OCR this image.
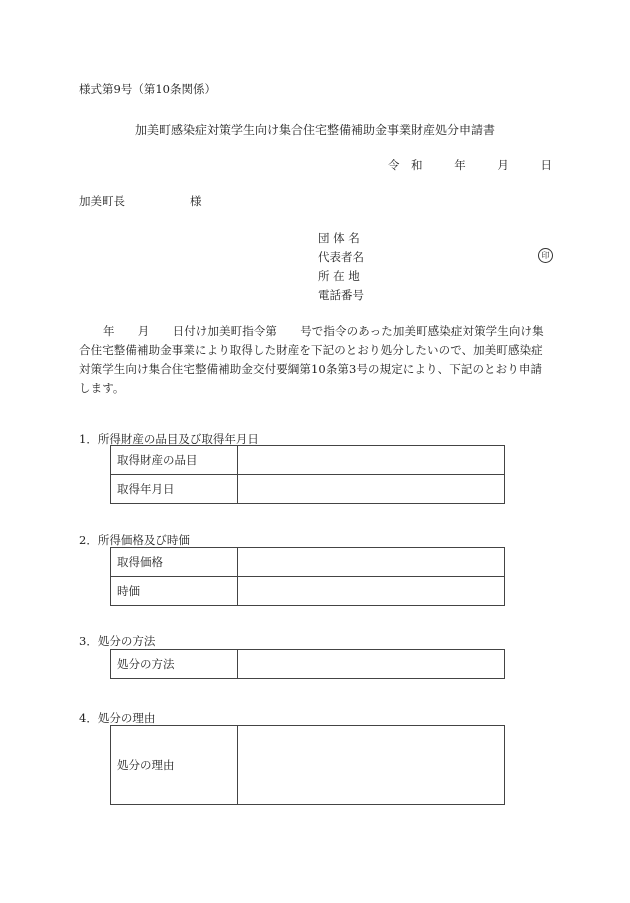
様式第9号（第10条関係）
加美町感染症対策学生向け集合住宅整備補助金事業財産処分申請書
令　和	年	月	日
加美町長	様
団 体 名
代表者名	印
所 在 地
電話番号
年　　月　　日付け加美町指令第　　号で指令のあった加美町感染症対策学生向け集合住宅整備補助金事業により取得した財産を下記のとおり処分したいので、加美町感染症対策学生向け集合住宅整備補助金交付要綱第10条第3号の規定により、下記のとおり申請します。
1．所得財産の品目及び取得年月日
取得財産の品目	
取得年月日	
2．所得価格及び時価
取得価格	
時価	
3．処分の方法
処分の方法	
4．処分の理由
処分の理由	
